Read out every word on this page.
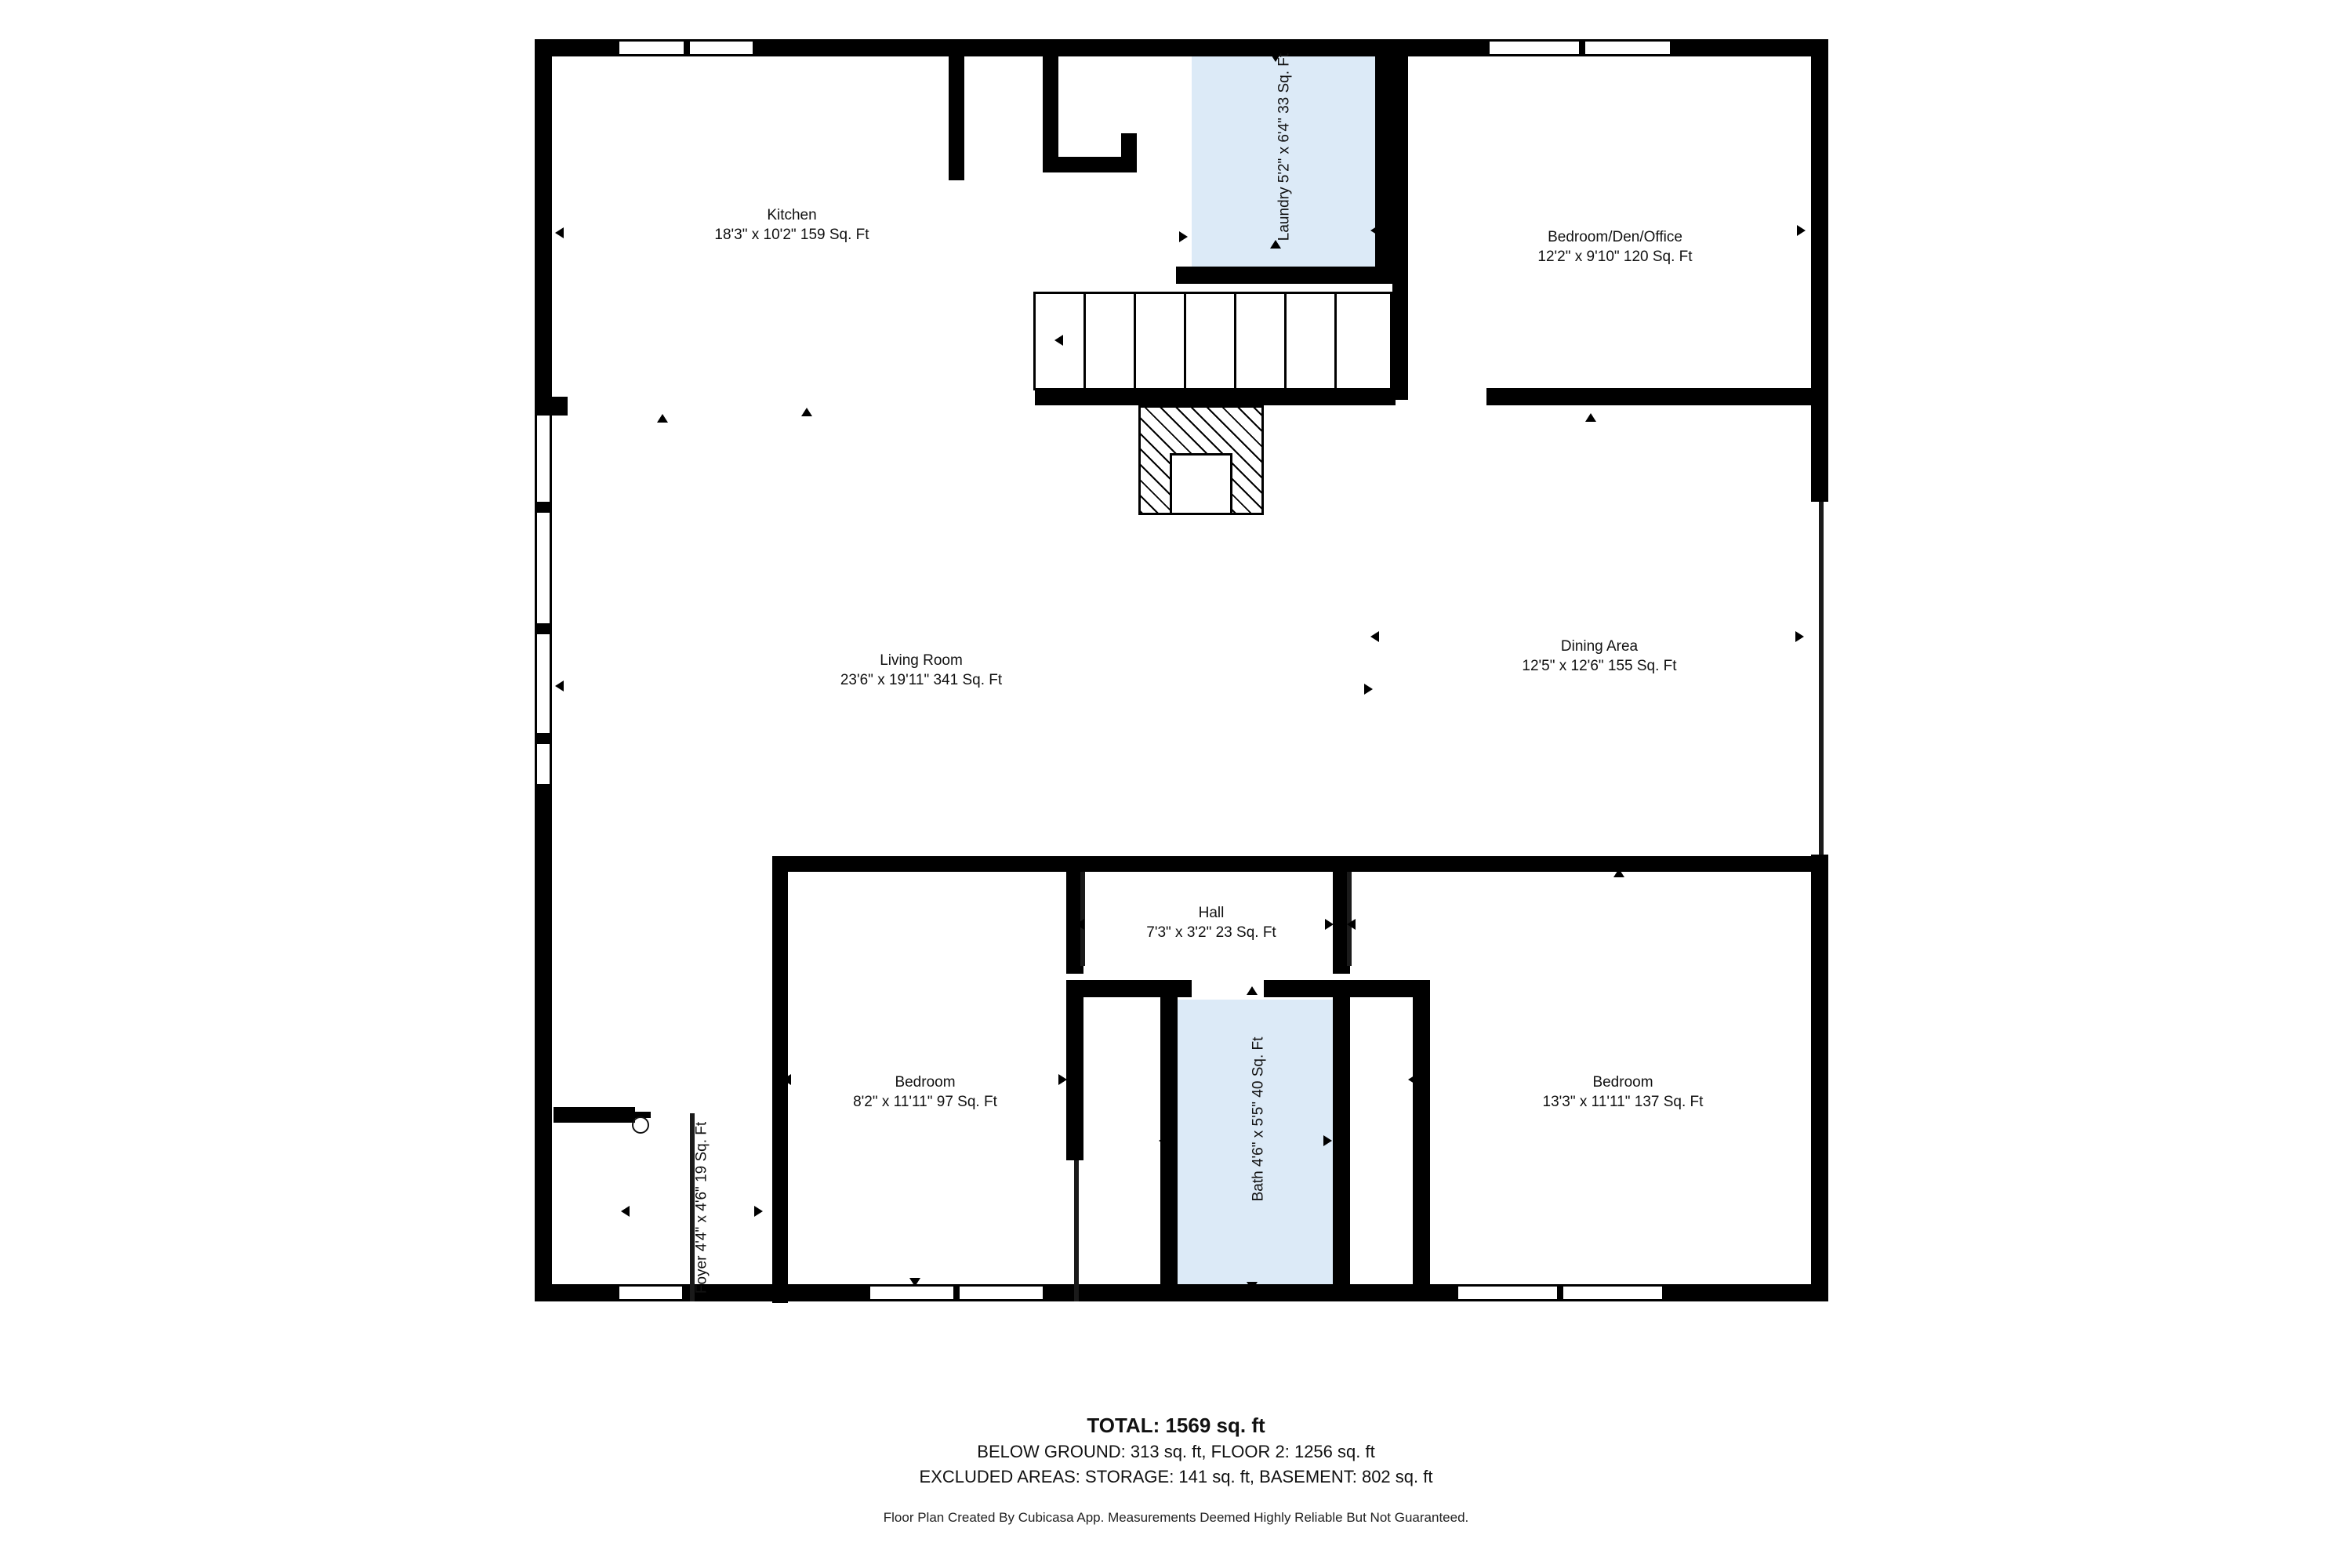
Kitchen
18'3" x 10'2" 159 Sq. Ft	Laundry 5'2" x 6'4" 33 Sq. Ft
Bedroom/Den/Office
12'2" x 9'10" 120 Sq. Ft
Living Room
23'6" x 19'11" 341 Sq. Ft
Dining Area
12'5" x 12'6" 155 Sq. Ft
Hall
7'3" x 3'2" 23 Sq. Ft
Bedroom
8'2" x 11'11" 97 Sq. Ft
Bath 4'6" x 5'5" 40 Sq. Ft	Bedroom
13'3" x 11'11" 137 Sq. Ft
Foyer 4'4" x 4'6" 19 Sq. Ft
TOTAL: 1569 sq. ft
BELOW GROUND: 313 sq. ft, FLOOR 2: 1256 sq. ft
EXCLUDED AREAS: STORAGE: 141 sq. ft, BASEMENT: 802 sq. ft
Floor Plan Created By Cubicasa App. Measurements Deemed Highly Reliable But Not Guaranteed.
